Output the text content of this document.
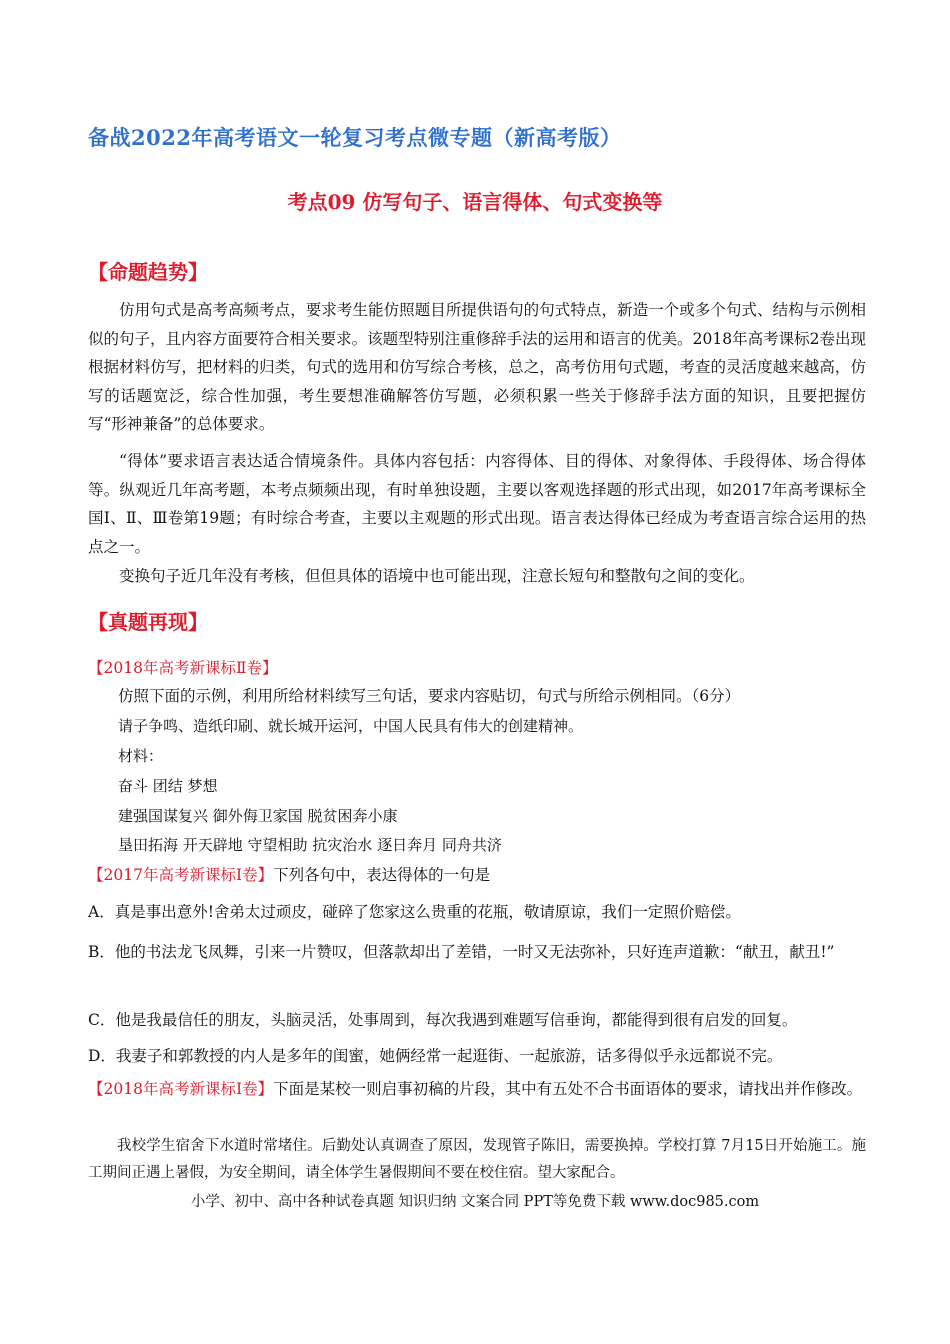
备战2022年高考语文一轮复习考点微专题（新高考版）
考点09 仿写句子、语言得体、句式变换等
【命题趋势】

仿用句式是高考高频考点，要求考生能仿照题目所提供语句的句式特点，新造一个或多个句式、结构与示例相似的句子，且内容方面要符合相关要求。该题型特别注重修辞手法的运用和语言的优美。2018年高考课标2卷出现根据材料仿写，把材料的归类，句式的选用和仿写综合考核，总之，高考仿用句式题，考查的灵活度越来越高，仿写的话题宽泛，综合性加强，考生要想准确解答仿写题，必须积累一些关于修辞手法方面的知识，且要把握仿写“形神兼备”的总体要求。

“得体”要求语言表达适合情境条件。具体内容包括：内容得体、目的得体、对象得体、手段得体、场合得体等。纵观近几年高考题，本考点频频出现，有时单独设题，主要以客观选择题的形式出现，如2017年高考课标全国Ⅰ、Ⅱ、Ⅲ卷第19题；有时综合考查，主要以主观题的形式出现。语言表达得体已经成为考查语言综合运用的热点之一。

变换句子近几年没有考核，但但具体的语境中也可能出现，注意长短句和整散句之间的变化。

【真题再现】

【2018年高考新课标Ⅱ卷】仿照下面的示例，利用所给材料续写三句话，要求内容贴切，句式与所给示例相同。（6分）

请子争鸣、造纸印刷、就长城开运河，中国人民具有伟大的创建精神。
材料：
奋斗 团结 梦想
建强国谋复兴 御外侮卫家国 脱贫困奔小康
垦田拓海 开天辟地 守望相助 抗灾治水 逐日奔月 同舟共济

【2017年高考新课标Ⅰ卷】下列各句中，表达得体的一句是

A．真是事出意外!舍弟太过顽皮，碰碎了您家这么贵重的花瓶，敬请原谅，我们一定照价赔偿。

B．他的书法龙飞凤舞，引来一片赞叹，但落款却出了差错，一时又无法弥补，只好连声道歉：“献丑，献丑!”

C．他是我最信任的朋友，头脑灵活，处事周到，每次我遇到难题写信垂询，都能得到很有启发的回复。

D．我妻子和郭教授的内人是多年的闺蜜，她俩经常一起逛街、一起旅游，话多得似乎永远都说不完。

【2018年高考新课标Ⅰ卷】下面是某校一则启事初稿的片段，其中有五处不合书面语体的要求，请找出并作修改。

我校学生宿舍下水道时常堵住。后勤处认真调查了原因，发现管子陈旧，需要换掉。学校打算 7月15日开始施工。施工期间正遇上暑假，为安全期间，请全体学生暑假期间不要在校住宿。望大家配合。

小学、初中、高中各种试卷真题 知识归纳 文案合同 PPT等免费下载 www.doc985.com
